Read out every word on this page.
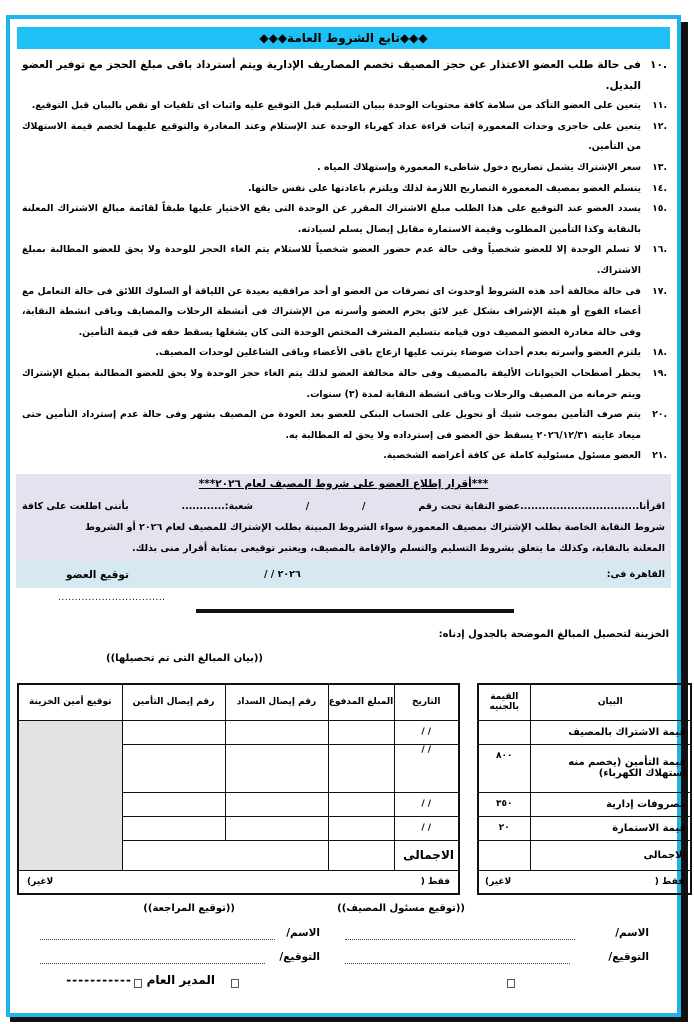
◆◆◆تابع الشروط العامة◆◆◆
.١٠
فى حالة طلب العضو الاعتذار عن حجز المصيف تخصم المصاريف الإدارية ويتم أسترداد باقى مبلغ الحجز مع توفير العضو البديل.
.١١
يتعين على العضو التأكد من سلامة كافة محتويات الوحدة ببيان التسليم قبل التوقيع عليه واثبات اى تلفيات او نقص بالبيان قبل التوقيع.
.١٢
يتعين على حاجزى وحدات المعمورة إثبات قراءة عداد كهرباء الوحدة عند الإستلام وعند المغادرة والتوقيع عليهما لخصم قيمة الاستهلاك من التأمين.
.١٣
سعر الإشتراك يشمل تصاريح دخول شاطىء المعمورة وإستهلاك المياه .
.١٤
يتسلم العضو بمصيف المعمورة التصاريح اللازمة لذلك ويلتزم باعادتها على نفس حالتها.
.١٥
يسدد العضو عند التوقيع على هذا الطلب مبلغ الاشتراك المقرر عن الوحدة التى يقع الاختيار عليها طبقاً لقائمة مبالغ الاشتراك المعلنة بالنقابة وكذا التأمين المطلوب وقيمة الاستمارة مقابل إيصال يسلم لسيادته.
.١٦
لا تسلم الوحدة إلا للعضو شخصياً وفى حالة عدم حضور العضو شخصياً للاستلام يتم الغاء الحجز للوحدة ولا يحق للعضو المطالبة بمبلغ الاشتراك.
.١٧
فى حالة مخالفة أحد هذه الشروط أوحدوث اى تصرفات من العضو او أحد مرافقيه بعيدة عن اللياقة أو السلوك اللائق فى حالة التعامل مع أعضاء الفوج أو هيئة الإشراف بشكل غير لائق يحرم العضو وأسرته من الإشتراك فى أنشطة الرحلات والمصايف وباقى انشطة النقابة، وفى حالة مغادرة العضو المصيف دون قيامه بتسليم المشرف المختص الوحدة التى كان يشغلها يسقط حقه فى قيمة التأمين.
.١٨
يلتزم العضو وأسرته بعدم أحداث ضوضاء يترتب عليها ازعاج باقى الأعضاء وباقى الشاغلين لوحدات المصيف.
.١٩
يحظر أصطحاب الحيوانات الأليفة بالمصيف وفى حالة مخالفة العضو لذلك يتم الغاء حجز الوحدة ولا يحق للعضو المطالبة بمبلغ الإشتراك ويتم حرمانه من المصيف والرحلات وباقى انشطة النقابة لمدة (٣) سنوات.
.٢٠
يتم صرف التأمين بموجب شيك أو تحويل على الحساب البنكى للعضو بعد العودة من المصيف بشهر وفى حالة عدم إسترداد التأمين حتى ميعاد غايته ٢٠٢٦/١٢/٣١ يسقط حق العضو فى إسترداده ولا يحق له المطالبة به.
.٢١
العضو مسئول مسئولية كاملة عن كافة أغراضه الشخصية.
***أقرار إطلاع العضو على شروط المصيف لعام ٢٠٢٦***
اقرأنا.................................عضو النقابة تحت رقم
/
/
شعبة:............
بأننى اطلعت على كافة
شروط النقابة الخاصة بطلب الإشتراك بمصيف المعمورة سواء الشروط المبينة بطلب الإشتراك للمصيف لعام ٢٠٢٦ أو الشروط
المعلنة بالنقابة، وكذلك ما يتعلق بشروط التسليم والتسلم والإقامة بالمصيف، ويعتبر توقيعى بمثابة أقرار منى بذلك.
القاهرة فى:
/ / ٢٠٢٦
توقيع العضو
................................
الخزينة لتحصيل المبالغ الموضحة بالجدول إدناه:
((بيان المبالغ التى تم تحصيلها))
التاريخ	المبلغ المدفوع	رقم إيصال السداد	رقم إيصال التأمين	توقيع أمين الخزينة
/ /				
/ /				
/ /				
/ /				
الاجمالى				

فقط (
لاغير)				
البيان	القيمة بالجنيه
قيمة الاشتراك بالمصيف	
قيمة التأمين (يخصم منه استهلاك الكهرباء)	٨٠٠
مصروفات إدارية	٣٥٠
قيمة الاستمارة	٢٠
الاجمالى	

فقط (
لاغير)	
((توقيع مسئول المصيف))
((توقيع المراجعة))
الاسم/
الاسم/
التوقيع/
التوقيع/
المدير العام
-----------
